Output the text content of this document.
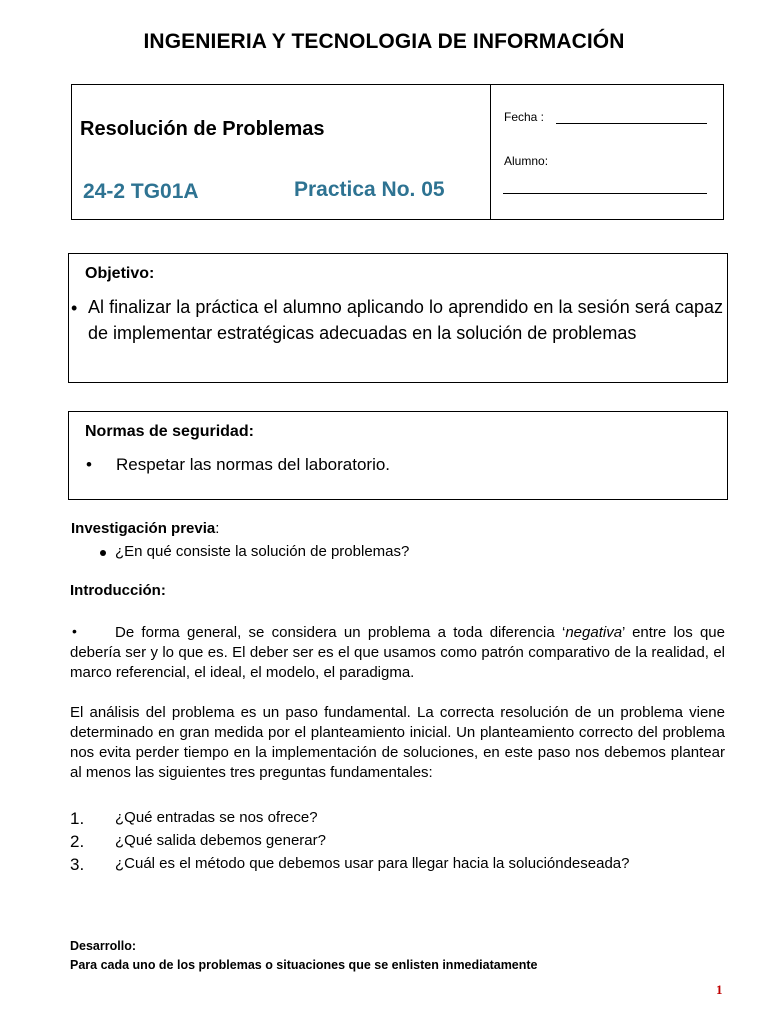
INGENIERIA Y TECNOLOGIA DE INFORMACIÓN
Resolución de Problemas
24-2 TG01A	Practica No. 05
Fecha :
Alumno:
Objetivo:
• Al finalizar la práctica el alumno aplicando lo aprendido en la sesión será capaz de implementar estratégicas adecuadas en la solución de problemas
Normas de seguridad:
• Respetar las normas del laboratorio.
Investigación previa:
¿En qué consiste la solución de problemas?
Introducción:
•	De forma general, se considera un problema a toda diferencia ‘negativa’ entre los que debería ser y lo que es. El deber ser es el que usamos como patrón comparativo de la realidad, el marco referencial, el ideal, el modelo, el paradigma.
El análisis del problema es un paso fundamental. La correcta resolución de un problema viene determinado en gran medida por el planteamiento inicial. Un planteamiento correcto del problema nos evita perder tiempo en la implementación de soluciones, en este paso nos debemos plantear al menos las siguientes tres preguntas fundamentales:
1. ¿Qué entradas se nos ofrece?
2. ¿Qué salida debemos generar?
3. ¿Cuál es el método que debemos usar para llegar hacia la solucióndeseada?
Desarrollo:
Para cada uno de los problemas o situaciones que se enlisten inmediatamente
1
